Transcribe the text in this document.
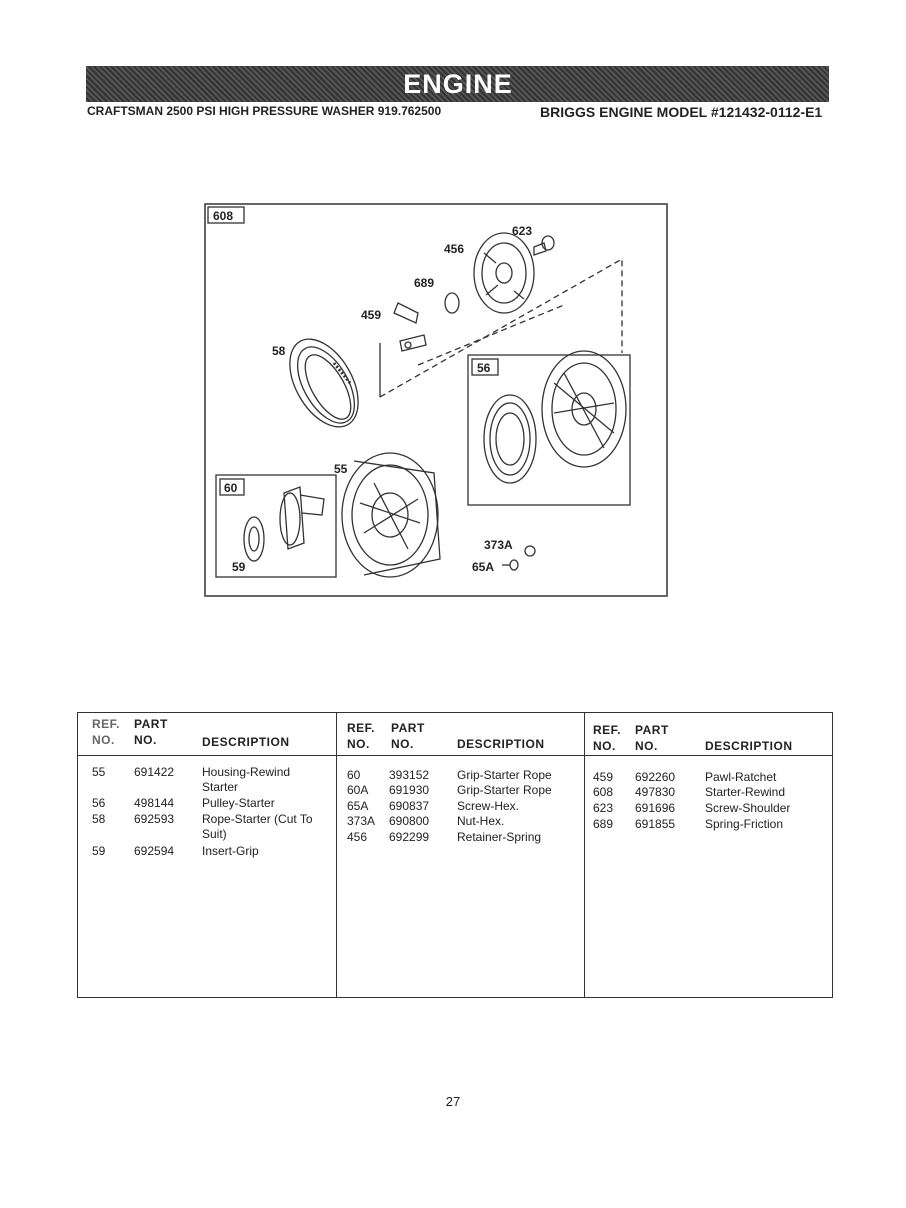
ENGINE PARTS
CRAFTSMAN 2500 PSI HIGH PRESSURE WASHER 919.762500	BRIGGS ENGINE MODEL #121432-0112-E1
608
623
456
689
459
58
56
55
60
59
373A
65A
REF.
NO.
PART
NO.	DESCRIPTION
55 691422 Housing-Rewind
Starter
56 498144 Pulley-Starter
58 692593 Rope-Starter (Cut To
Suit)
59 692594 Insert-Grip
REF.
NO.
PART
NO.	DESCRIPTION
60 393152 Grip-Starter Rope
60A 691930 Grip-Starter Rope
65A 690837 Screw-Hex.
373A 690800 Nut-Hex.
456 692299 Retainer-Spring
REF.
NO.
PART
NO.	DESCRIPTION
459 692260 Pawl-Ratchet
608 497830 Starter-Rewind
623 691696 Screw-Shoulder
689 691855 Spring-Friction
27
